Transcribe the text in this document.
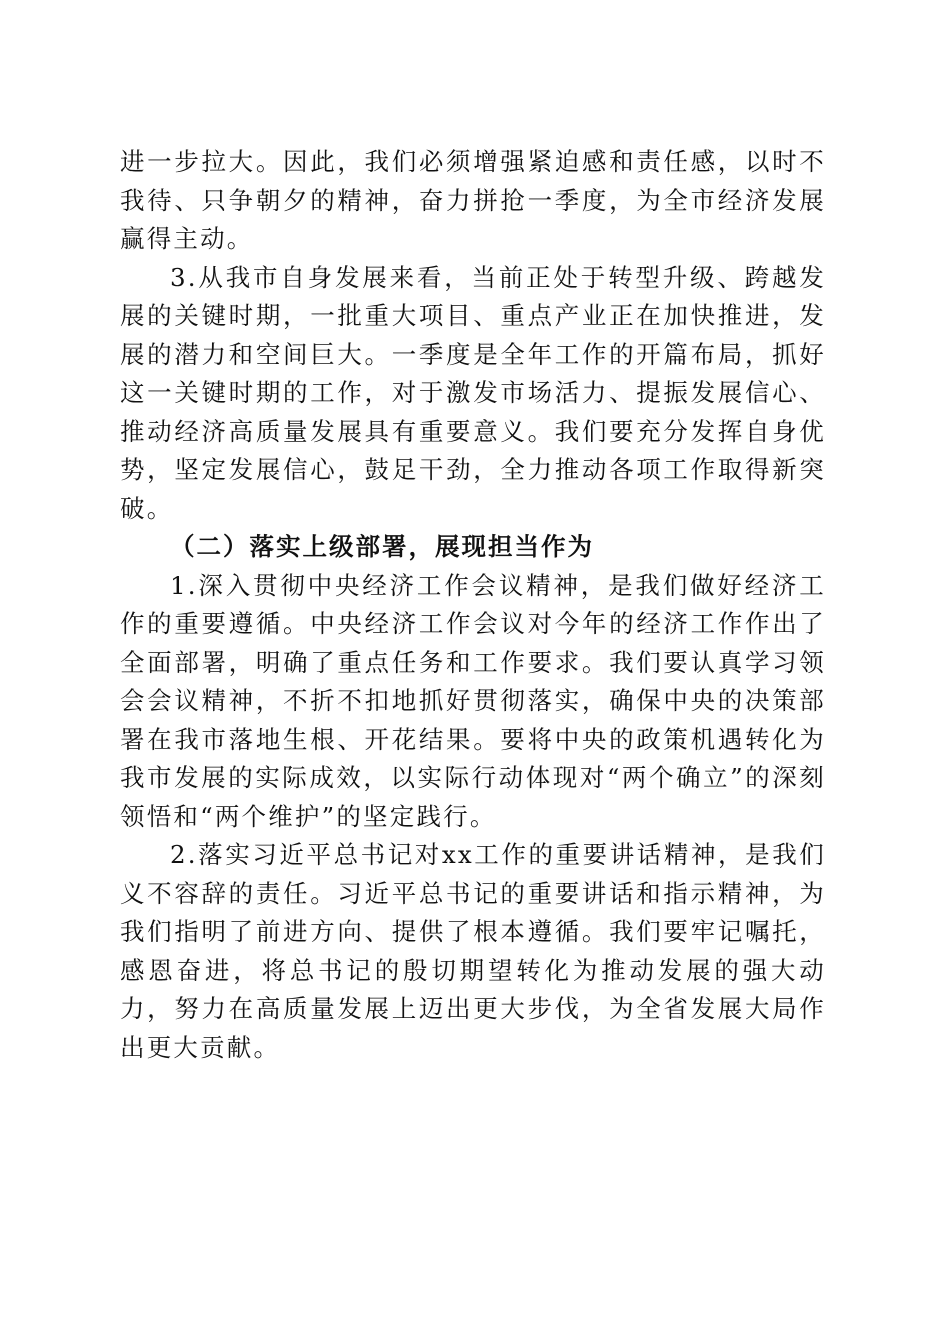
进一步拉大。因此，我们必须增强紧迫感和责任感，以时不我待、只争朝夕的精神，奋力拼抢一季度，为全市经济发展赢得主动。

3.从我市自身发展来看，当前正处于转型升级、跨越发展的关键时期，一批重大项目、重点产业正在加快推进，发展的潜力和空间巨大。一季度是全年工作的开篇布局，抓好这一关键时期的工作，对于激发市场活力、提振发展信心、推动经济高质量发展具有重要意义。我们要充分发挥自身优势，坚定发展信心，鼓足干劲，全力推动各项工作取得新突破。

（二）落实上级部署，展现担当作为

1.深入贯彻中央经济工作会议精神，是我们做好经济工作的重要遵循。中央经济工作会议对今年的经济工作作出了全面部署，明确了重点任务和工作要求。我们要认真学习领会会议精神，不折不扣地抓好贯彻落实，确保中央的决策部署在我市落地生根、开花结果。要将中央的政策机遇转化为我市发展的实际成效，以实际行动体现对“两个确立”的深刻领悟和“两个维护”的坚定践行。

2.落实习近平总书记对xx工作的重要讲话精神，是我们义不容辞的责任。习近平总书记的重要讲话和指示精神，为我们指明了前进方向、提供了根本遵循。我们要牢记嘱托，感恩奋进，将总书记的殷切期望转化为推动发展的强大动力，努力在高质量发展上迈出更大步伐，为全省发展大局作出更大贡献。
